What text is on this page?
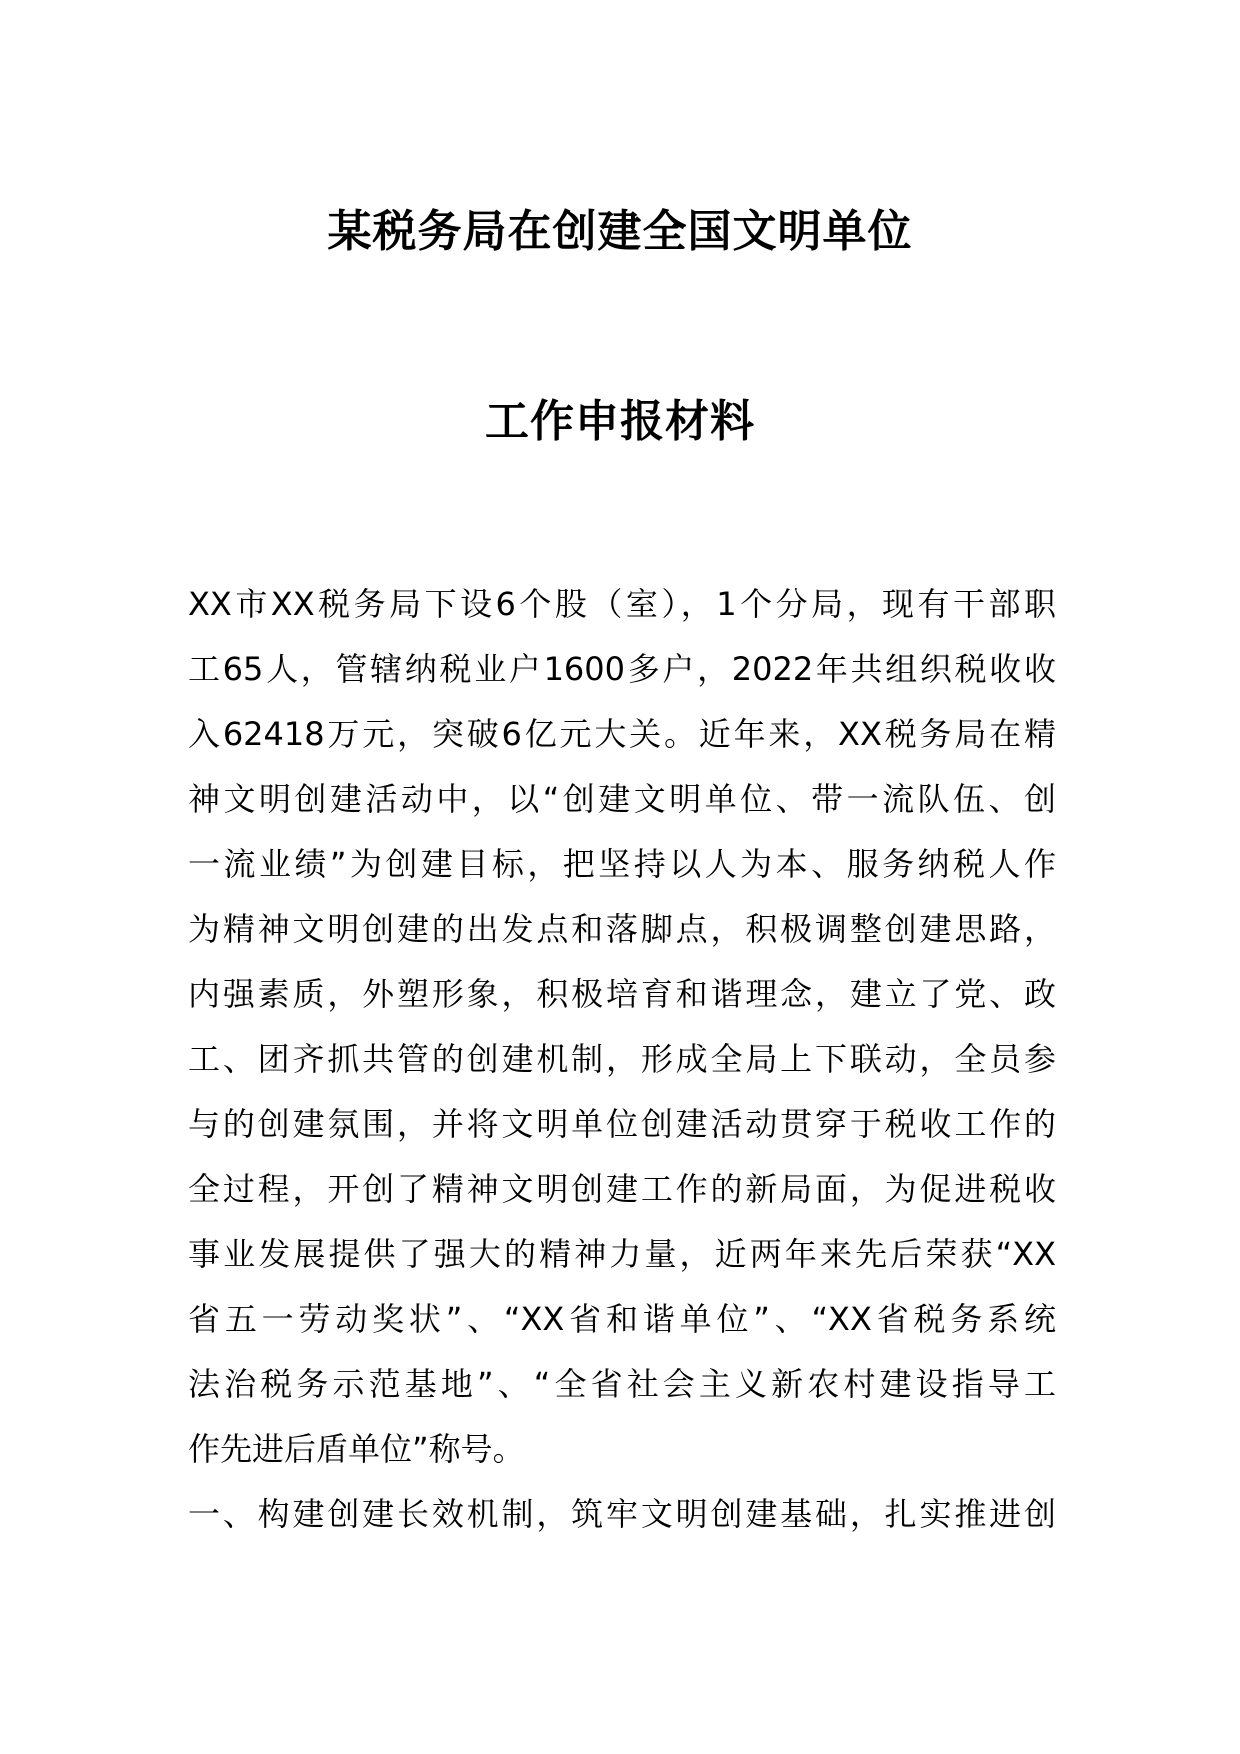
某税务局在创建全国文明单位
工作申报材料
XX市XX税务局下设6个股（室），1个分局，现有干部职
工65人，管辖纳税业户1600多户，2022年共组织税收收
入62418万元，突破6亿元大关。近年来，XX税务局在精
神文明创建活动中，以“创建文明单位、带一流队伍、创
一流业绩”为创建目标，把坚持以人为本、服务纳税人作
为精神文明创建的出发点和落脚点，积极调整创建思路，
内强素质，外塑形象，积极培育和谐理念，建立了党、政
工、团齐抓共管的创建机制，形成全局上下联动，全员参
与的创建氛围，并将文明单位创建活动贯穿于税收工作的
全过程，开创了精神文明创建工作的新局面，为促进税收
事业发展提供了强大的精神力量，近两年来先后荣获“XX
省五一劳动奖状”、“XX省和谐单位”、“XX省税务系统
法治税务示范基地”、“全省社会主义新农村建设指导工
作先进后盾单位”称号。
一、构建创建长效机制，筑牢文明创建基础，扎实推进创
